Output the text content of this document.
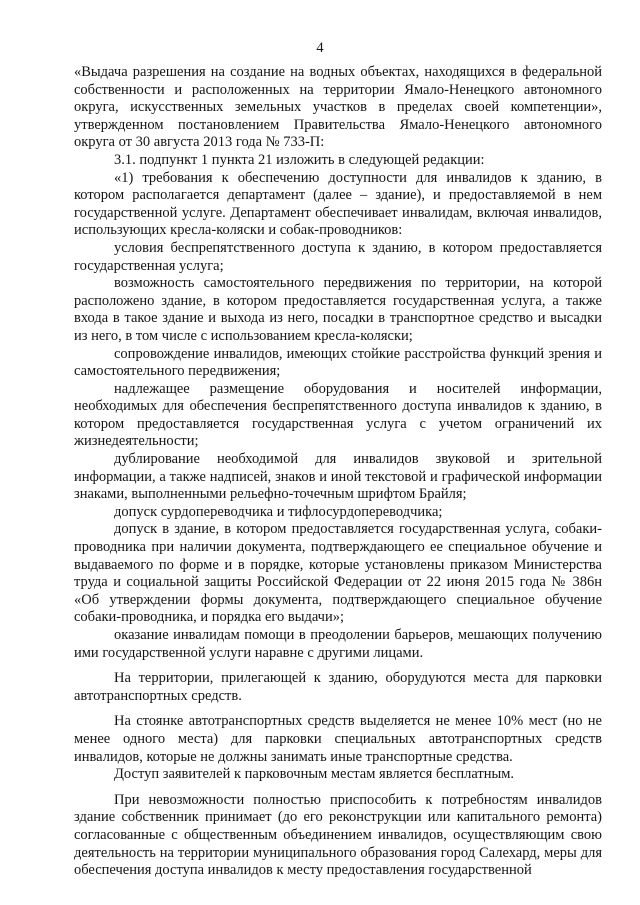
4

«Выдача разрешения на создание на водных объектах, находящихся в федеральной собственности и расположенных на территории Ямало-Ненецкого автономного округа, искусственных земельных участков в пределах своей компетенции», утвержденном постановлением Правительства Ямало-Ненецкого автономного округа от 30 августа 2013 года № 733-П:

3.1. подпункт 1 пункта 21 изложить в следующей редакции:

«1) требования к обеспечению доступности для инвалидов к зданию, в котором располагается департамент (далее – здание), и предоставляемой в нем государственной услуге. Департамент обеспечивает инвалидам, включая инвалидов, использующих кресла-коляски и собак-проводников:

условия беспрепятственного доступа к зданию, в котором предоставляется государственная услуга;

возможность самостоятельного передвижения по территории, на которой расположено здание, в котором предоставляется государственная услуга, а также входа в такое здание и выхода из него, посадки в транспортное средство и высадки из него, в том числе с использованием кресла-коляски;

сопровождение инвалидов, имеющих стойкие расстройства функций зрения и самостоятельного передвижения;

надлежащее размещение оборудования и носителей информации, необходимых для обеспечения беспрепятственного доступа инвалидов к зданию, в котором предоставляется государственная услуга с учетом ограничений их жизнедеятельности;

дублирование необходимой для инвалидов звуковой и зрительной информации, а также надписей, знаков и иной текстовой и графической информации знаками, выполненными рельефно-точечным шрифтом Брайля;

допуск сурдопереводчика и тифлосурдопереводчика;

допуск в здание, в котором предоставляется государственная услуга, собаки-проводника при наличии документа, подтверждающего ее специальное обучение и выдаваемого по форме и в порядке, которые установлены приказом Министерства труда и социальной защиты Российской Федерации от 22 июня 2015 года № 386н «Об утверждении формы документа, подтверждающего специальное обучение собаки-проводника, и порядка его выдачи»;

оказание инвалидам помощи в преодолении барьеров, мешающих получению ими государственной услуги наравне с другими лицами.

На территории, прилегающей к зданию, оборудуются места для парковки автотранспортных средств.

На стоянке автотранспортных средств выделяется не менее 10% мест (но не менее одного места) для парковки специальных автотранспортных средств инвалидов, которые не должны занимать иные транспортные средства.

Доступ заявителей к парковочным местам является бесплатным.

При невозможности полностью приспособить к потребностям инвалидов здание собственник принимает (до его реконструкции или капитального ремонта) согласованные с общественным объединением инвалидов, осуществляющим свою деятельность на территории муниципального образования город Салехард, меры для обеспечения доступа инвалидов к месту предоставления государственной
